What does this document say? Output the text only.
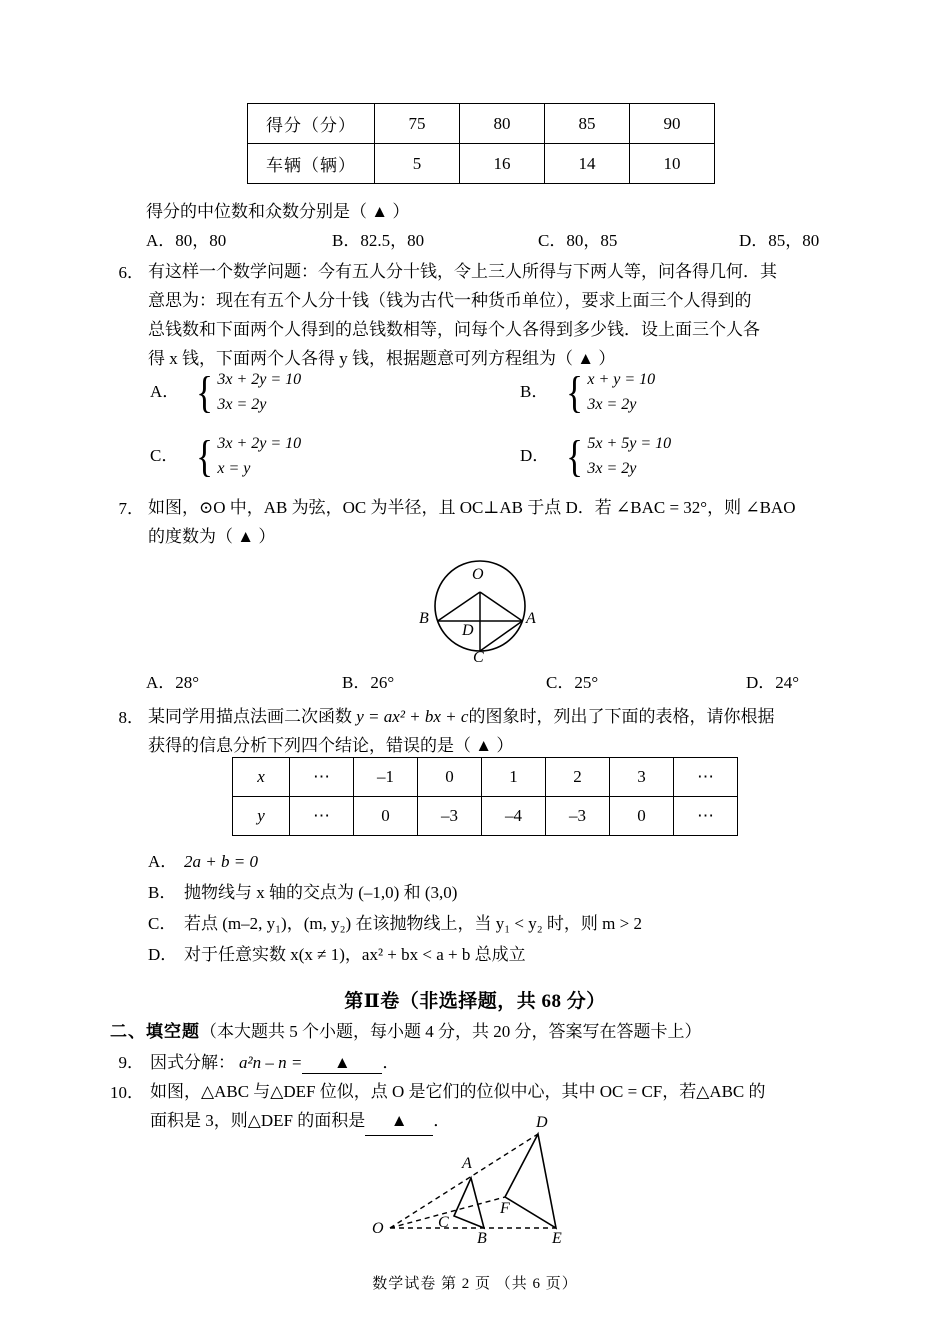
得分（分）	75	80	85	90
车辆（辆）	5	16	14	10
得分的中位数和众数分别是（ ▲ ）
A．80，80	B．82.5，80	C．80，85	D．85，80
6． 有这样一个数学问题：今有五人分十钱，令上三人所得与下两人等，问各得几何．其
意思为：现在有五个人分十钱（钱为古代一种货币单位），要求上面三个人得到的
总钱数和下面两个人得到的总钱数相等，问每个人各得到多少钱．设上面三个人各
得 x 钱，下面两个人各得 y 钱，根据题意可列方程组为（ ▲ ）
A． { 3x + 2y = 10
3x = 2y
B． { x + y = 10
3x = 2y
C． { 3x + 2y = 10
x = y
D． { 5x + 5y = 10
3x = 2y
7． 如图，⊙O 中，AB 为弦，OC 为半径，且 OC⊥AB 于点 D．若 ∠BAC = 32°，则 ∠BAO
的度数为（ ▲ ）
O
B	A
D
C
A．28°	B．26°	C．25°	D．24°
8． 某同学用描点法画二次函数 y = ax² + bx + c的图象时，列出了下面的表格，请你根据
获得的信息分析下列四个结论，错误的是（ ▲ ）
x	⋯	–1	0	1	2	3	⋯
y	⋯	0	–3	–4	–3	0	⋯
A． 2a + b = 0
B． 抛物线与 x 轴的交点为 (–1,0) 和 (3,0)
C． 若点 (m–2, y₁)，(m, y₂) 在该抛物线上，当 y₁ < y₂ 时，则 m > 2
D． 对于任意实数 x(x ≠ 1)，ax² + bx < a + b 总成立
第Ⅱ卷（非选择题，共 68 分）
二、填空题（本大题共 5 个小题，每小题 4 分，共 20 分，答案写在答题卡上）
9． 因式分解： a²n – n = ▲ ．
10． 如图，△ABC 与△DEF 位似，点 O 是它们的位似中心，其中 OC = CF，若△ABC 的
面积是 3，则△DEF 的面积是 ▲ ．
O
A
B
C
D
E
F
数学试卷 第 2 页 （共 6 页）
